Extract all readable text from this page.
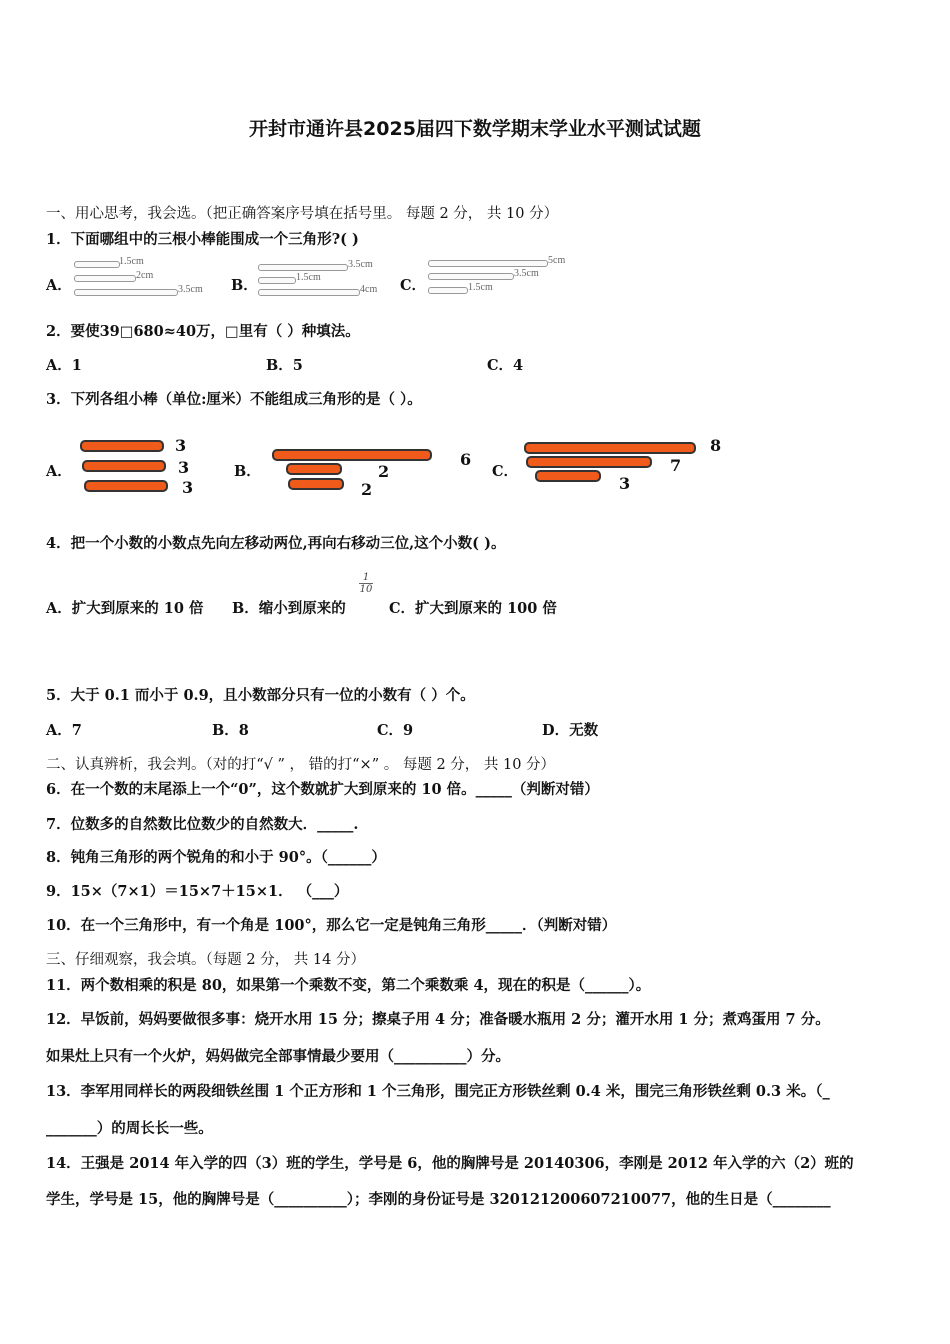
开封市通许县2025届四下数学期末学业水平测试试题
一、用心思考，我会选。（把正确答案序号填在括号里。 每题 2 分， 共 10 分）
1．下面哪组中的三根小棒能围成一个三角形?( )
A．
1.5cm
2cm
3.5cm B．
3.5cm
1.5cm
4cm C．
5cm
3.5cm
1.5cm
2．要使39□680≈40万，□里有（ ）种填法。
A．1	B．5	C．4
3．下列各组小棒（单位:厘米）不能组成三角形的是（ ）。
A．
3
3
3
B．
6
2
2
C．
8
7
3
4．把一个小数的小数点先向左移动两位,再向右移动三位,这个小数( )。
A．扩大到原来的 10 倍 B．缩小到原来的
$\frac{1}{10}$
C．扩大到原来的 100 倍
5．大于 0.1 而小于 0.9，且小数部分只有一位的小数有（ ）个。
A．7	B．8	C．9	D．无数
二、认真辨析，我会判。（对的打“√ ” ， 错的打“×” 。 每题 2 分， 共 10 分）
6．在一个数的末尾添上一个“0”，这个数就扩大到原来的 10 倍。_____（判断对错）
7．位数多的自然数比位数少的自然数大．_____.
8．钝角三角形的两个锐角的和小于 90°。（______）
9．15×（7×1）＝15×7＋15×1． （___）
10．在一个三角形中，有一个角是 100°，那么它一定是钝角三角形_____．（判断对错）
三、仔细观察，我会填。（每题 2 分， 共 14 分）
11．两个数相乘的积是 80，如果第一个乘数不变，第二个乘数乘 4，现在的积是（______）。
12．早饭前，妈妈要做很多事：烧开水用 15 分；擦桌子用 4 分；准备暖水瓶用 2 分；灌开水用 1 分；煮鸡蛋用 7 分。
如果灶上只有一个火炉，妈妈做完全部事情最少要用（__________）分。
13．李军用同样长的两段细铁丝围 1 个正方形和 1 个三角形，围完正方形铁丝剩 0.4 米，围完三角形铁丝剩 0.3 米。（_
_______）的周长长一些。
14．王强是 2014 年入学的四（3）班的学生，学号是 6，他的胸牌号是 20140306，李刚是 2012 年入学的六（2）班的
学生，学号是 15，他的胸牌号是（__________）；李刚的身份证号是 320121200607210077，他的生日是（________
